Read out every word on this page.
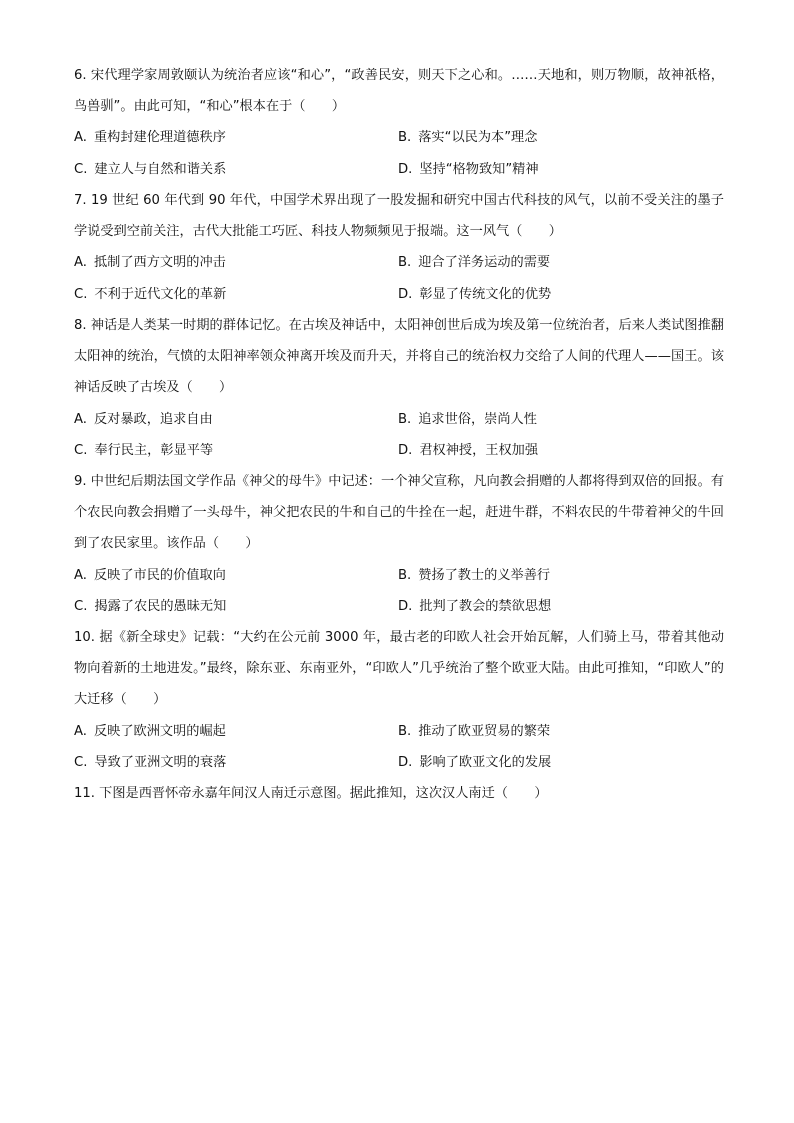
6. 宋代理学家周敦颐认为统治者应该“和心”，“政善民安，则天下之心和。……天地和，则万物顺，故神祇格，鸟兽驯”。由此可知，“和心”根本在于（　　）

A. 重构封建伦理道德秩序	B. 落实“以民为本”理念
C. 建立人与自然和谐关系	D. 坚持“格物致知”精神

7. 19 世纪 60 年代到 90 年代，中国学术界出现了一股发掘和研究中国古代科技的风气，以前不受关注的墨子学说受到空前关注，古代大批能工巧匠、科技人物频频见于报端。这一风气（　　）

A. 抵制了西方文明的冲击	B. 迎合了洋务运动的需要
C. 不利于近代文化的革新	D. 彰显了传统文化的优势

8. 神话是人类某一时期的群体记忆。在古埃及神话中，太阳神创世后成为埃及第一位统治者，后来人类试图推翻太阳神的统治，气愤的太阳神率领众神离开埃及而升天，并将自己的统治权力交给了人间的代理人——国王。该神话反映了古埃及（　　）

A. 反对暴政，追求自由	B. 追求世俗，崇尚人性
C. 奉行民主，彰显平等	D. 君权神授，王权加强

9. 中世纪后期法国文学作品《神父的母牛》中记述：一个神父宣称，凡向教会捐赠的人都将得到双倍的回报。有个农民向教会捐赠了一头母牛，神父把农民的牛和自己的牛拴在一起，赶进牛群，不料农民的牛带着神父的牛回到了农民家里。该作品（　　）

A. 反映了市民的价值取向	B. 赞扬了教士的义举善行
C. 揭露了农民的愚昧无知	D. 批判了教会的禁欲思想

10. 据《新全球史》记载：“大约在公元前 3000 年，最古老的印欧人社会开始瓦解，人们骑上马，带着其他动物向着新的土地进发。”最终，除东亚、东南亚外，“印欧人”几乎统治了整个欧亚大陆。由此可推知，“印欧人”的大迁移（　　）

A. 反映了欧洲文明的崛起	B. 推动了欧亚贸易的繁荣
C. 导致了亚洲文明的衰落	D. 影响了欧亚文化的发展

11. 下图是西晋怀帝永嘉年间汉人南迁示意图。据此推知，这次汉人南迁（　　）
